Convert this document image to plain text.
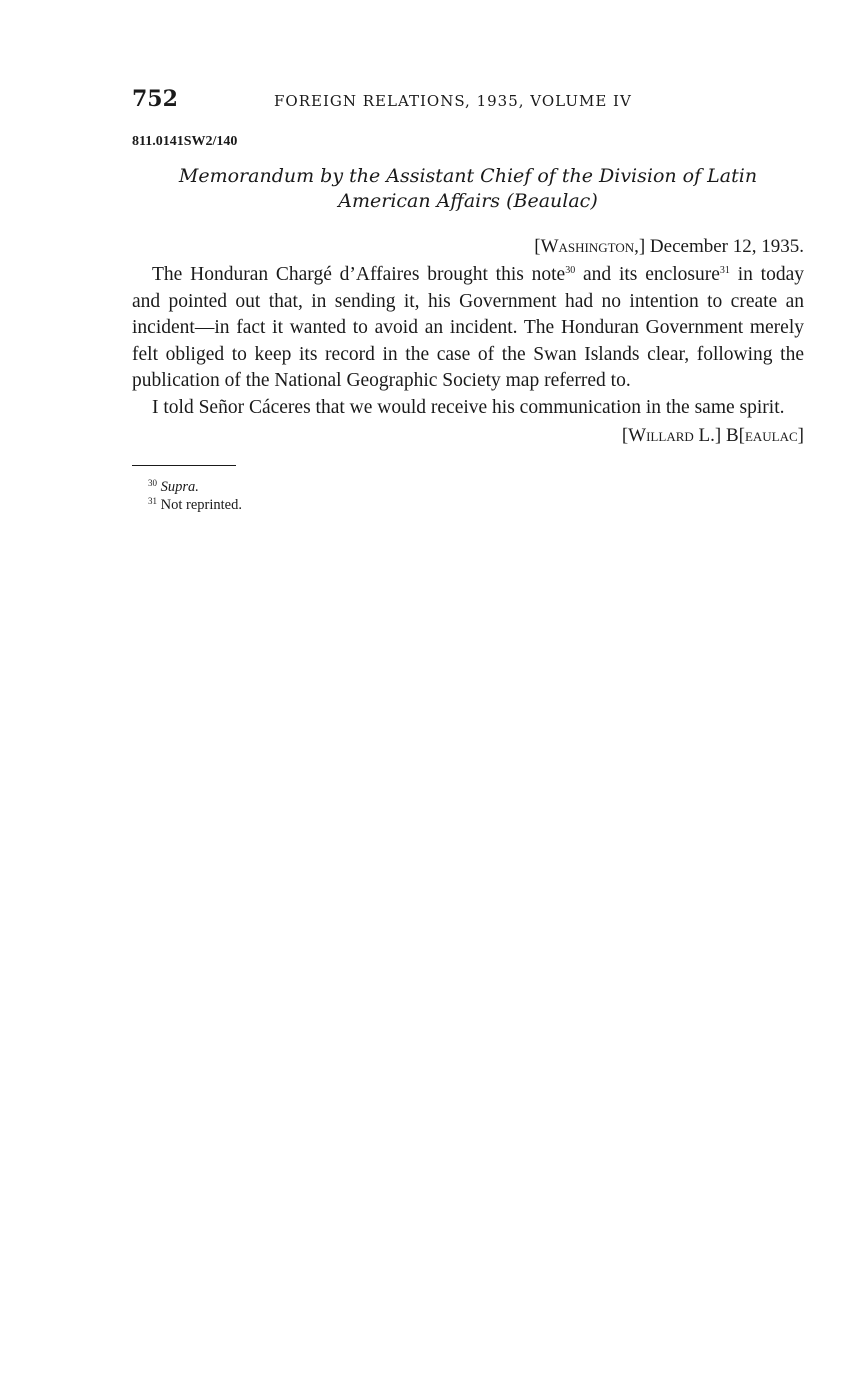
752	FOREIGN RELATIONS, 1935, VOLUME IV
811.0141SW2/140
Memorandum by the Assistant Chief of the Division of Latin
American Affairs (Beaulac)
[Washington,] December 12, 1935.

The Honduran Chargé d’Affaires brought this note$^{30}$ and its enclosure$^{31}$ in today and pointed out that, in sending it, his Government had no intention to create an incident—in fact it wanted to avoid an incident. The Honduran Government merely felt obliged to keep its record in the case of the Swan Islands clear, following the publication of the National Geographic Society map referred to.

I told Señor Cáceres that we would receive his communication in the same spirit.

[Willard L.] B[eaulac]
$^{30}$ Supra.
$^{31}$ Not reprinted.
